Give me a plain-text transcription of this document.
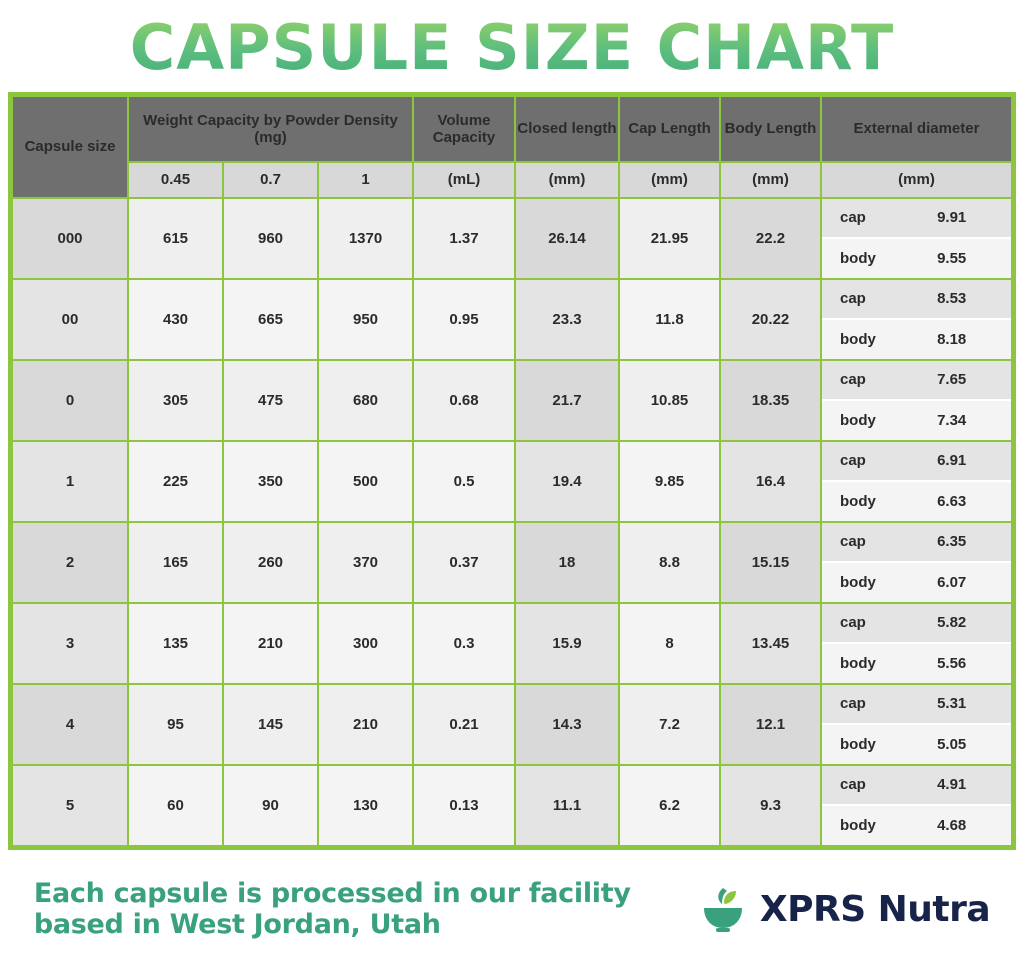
CAPSULE SIZE CHART
Capsule size	Weight Capacity by Powder Density (mg)			Volume Capacity	Closed length	Cap Length	Body Length	External diameter
	0.45	0.7	1	(mL)	(mm)	(mm)	(mm)	(mm)
000	615	960	1370	1.37	26.14	21.95	22.2	cap 9.91
body 9.55

00	430	665	950	0.95	23.3	11.8	20.22	cap 8.53
body 8.18

0	305	475	680	0.68	21.7	10.85	18.35	cap 7.65
body 7.34

1	225	350	500	0.5	19.4	9.85	16.4	cap 6.91
body 6.63

2	165	260	370	0.37	18	8.8	15.15	cap 6.35
body 6.07

3	135	210	300	0.3	15.9	8	13.45	cap 5.82
body 5.56

4	95	145	210	0.21	14.3	7.2	12.1	cap 5.31
body 5.05

5	60	90	130	0.13	11.1	6.2	9.3	cap 4.91
body 4.68
Each capsule is processed in our facility based in West Jordan, Utah	XPRS Nutra
